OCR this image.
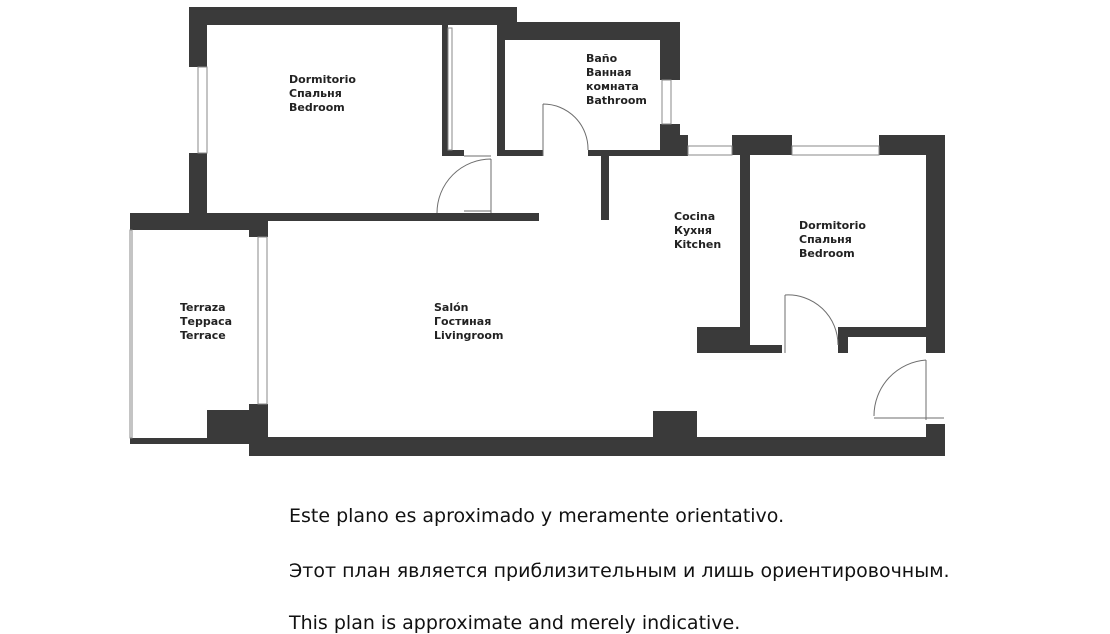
Dormitorio Спальня Bedroom
Baño Ванная комната Bathroom
Cocina Кухня Kitchen
Dormitorio Спальня Bedroom
Terraza Терраса Terrace
Salón Гостиная Livingroom

Este plano es aproximado y meramente orientativo.

Этот план является приблизительным и лишь ориентировочным.

This plan is approximate and merely indicative.
